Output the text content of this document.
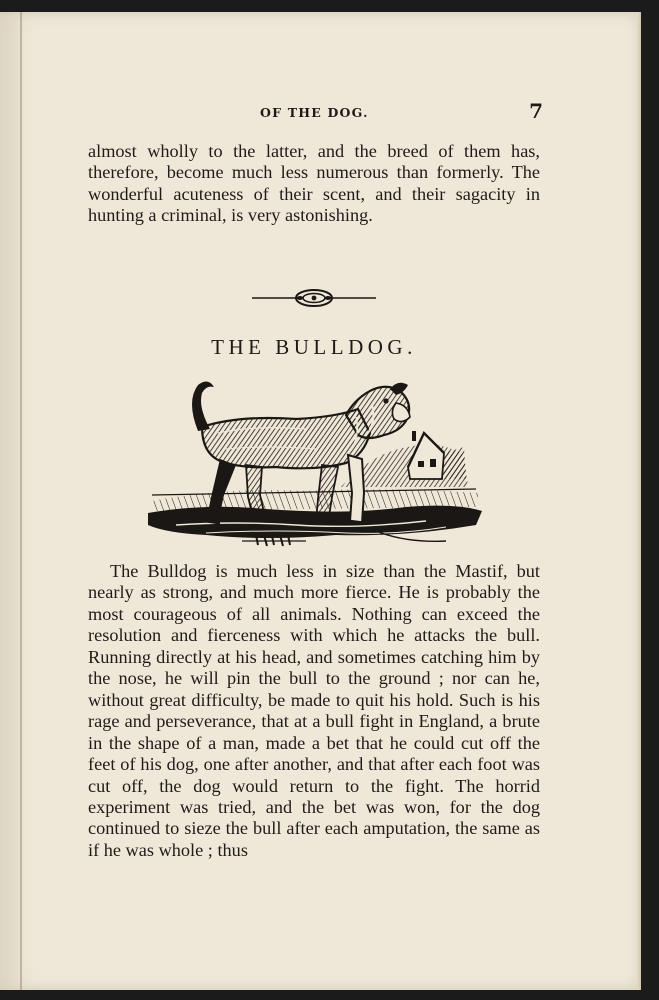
OF THE DOG.	7

almost wholly to the latter, and the breed of them has, therefore, become much less numerous than formerly. The wonderful acuteness of their scent, and their sagacity in hunting a criminal, is very astonishing.

THE BULLDOG.

The Bulldog is much less in size than the Mastif, but nearly as strong, and much more fierce. He is probably the most courageous of all animals. Nothing can exceed the resolution and fierceness with which he attacks the bull. Running directly at his head, and sometimes catching him by the nose, he will pin the bull to the ground ; nor can he, without great difficulty, be made to quit his hold. Such is his rage and perseverance, that at a bull fight in England, a brute in the shape of a man, made a bet that he could cut off the feet of his dog, one after another, and that after each foot was cut off, the dog would return to the fight. The horrid experiment was tried, and the bet was won, for the dog continued to sieze the bull after each amputation, the same as if he was whole ; thus
